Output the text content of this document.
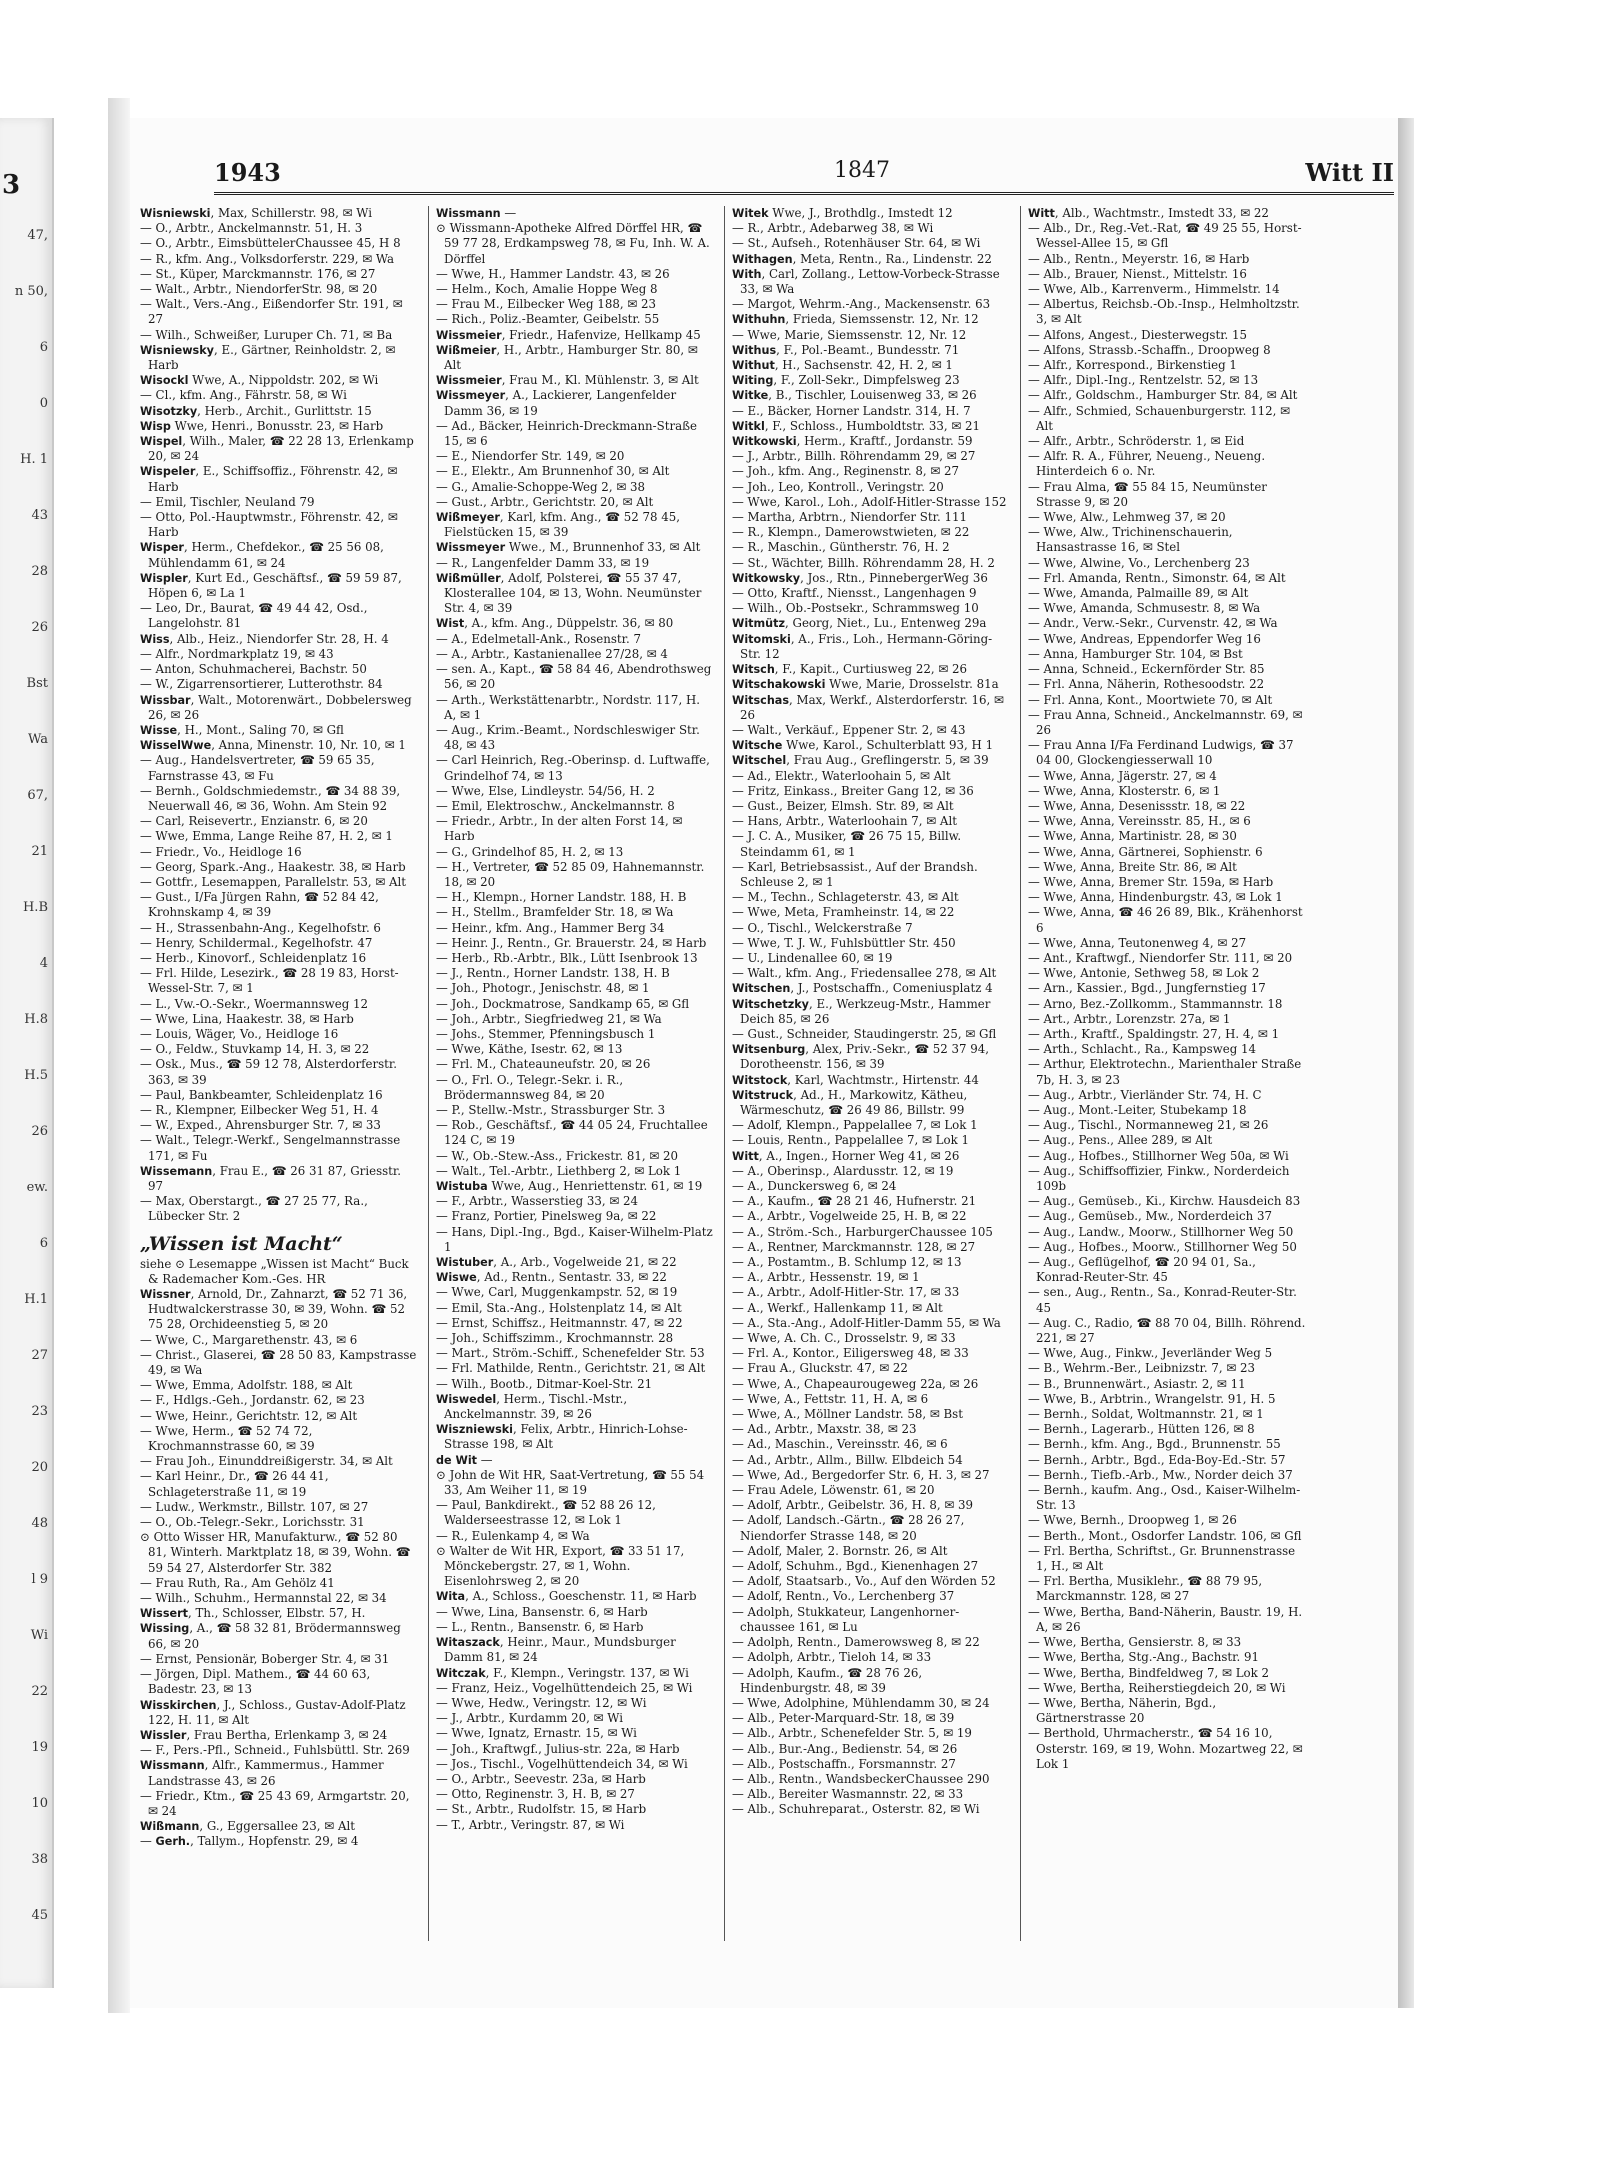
3
47,
n 50,
6
0
H. 1
43
28
26
Bst
Wa
67,
21
H.B
4
H.8
H.5
26
ew.
6
H.1
27
23
20
48
l 9
Wi
22
19
10
38
45
1943	1847	Witt II

Wisniewski, Max, Schillerstr. 98, ✉ Wi

— O., Arbtr., Anckelmannstr. 51, H. 3

— O., Arbtr., EimsbüttelerChaussee 45, H 8

— R., kfm. Ang., Volksdorferstr. 229, ✉ Wa

— St., Küper, Marckmannstr. 176, ✉ 27

— Walt., Arbtr., NiendorferStr. 98, ✉ 20

— Walt., Vers.-Ang., Eißendorfer Str. 191, ✉ 27

— Wilh., Schweißer, Luruper Ch. 71, ✉ Ba

Wisniewsky, E., Gärtner, Reinholdstr. 2, ✉ Harb

Wisockl Wwe, A., Nippoldstr. 202, ✉ Wi

— Cl., kfm. Ang., Fährstr. 58, ✉ Wi

Wisotzky, Herb., Archit., Gurlittstr. 15

Wisp Wwe, Henri., Bonusstr. 23, ✉ Harb

Wispel, Wilh., Maler, ☎ 22 28 13, Erlenkamp 20, ✉ 24

Wispeler, E., Schiffsoffiz., Föhrenstr. 42, ✉ Harb

— Emil, Tischler, Neuland 79

— Otto, Pol.-Hauptwmstr., Föhrenstr. 42, ✉ Harb

Wisper, Herm., Chefdekor., ☎ 25 56 08, Mühlendamm 61, ✉ 24

Wispler, Kurt Ed., Geschäftsf., ☎ 59 59 87, Höpen 6, ✉ La 1

— Leo, Dr., Baurat, ☎ 49 44 42, Osd., Langelohstr. 81

Wiss, Alb., Heiz., Niendorfer Str. 28, H. 4

— Alfr., Nordmarkplatz 19, ✉ 43

— Anton, Schuhmacherei, Bachstr. 50

— W., Zigarrensortierer, Lutterothstr. 84

Wissbar, Walt., Motorenwärt., Dobbelersweg 26, ✉ 26

Wisse, H., Mont., Saling 70, ✉ Gfl

WisselWwe, Anna, Minenstr. 10, Nr. 10, ✉ 1

— Aug., Handelsvertreter, ☎ 59 65 35, Farnstrasse 43, ✉ Fu

— Bernh., Goldschmiedemstr., ☎ 34 88 39, Neuerwall 46, ✉ 36, Wohn. Am Stein 92

— Carl, Reisevertr., Enzianstr. 6, ✉ 20

— Wwe, Emma, Lange Reihe 87, H. 2, ✉ 1

— Friedr., Vo., Heidloge 16

— Georg, Spark.-Ang., Haakestr. 38, ✉ Harb

— Gottfr., Lesemappen, Parallelstr. 53, ✉ Alt

— Gust., I/Fa Jürgen Rahn, ☎ 52 84 42, Krohnskamp 4, ✉ 39

— H., Strassenbahn-Ang., Kegelhofstr. 6

— Henry, Schildermal., Kegelhofstr. 47

— Herb., Kinovorf., Schleidenplatz 16

— Frl. Hilde, Lesezirk., ☎ 28 19 83, Horst-Wessel-Str. 7, ✉ 1

— L., Vw.-O.-Sekr., Woermannsweg 12

— Wwe, Lina, Haakestr. 38, ✉ Harb

— Louis, Wäger, Vo., Heidloge 16

— O., Feldw., Stuvkamp 14, H. 3, ✉ 22

— Osk., Mus., ☎ 59 12 78, Alsterdorferstr. 363, ✉ 39

— Paul, Bankbeamter, Schleidenplatz 16

— R., Klempner, Eilbecker Weg 51, H. 4

— W., Exped., Ahrensburger Str. 7, ✉ 33

— Walt., Telegr.-Werkf., Sengelmannstrasse 171, ✉ Fu

Wissemann, Frau E., ☎ 26 31 87, Griesstr. 97

— Max, Oberstargt., ☎ 27 25 77, Ra., Lübecker Str. 2

„Wissen ist Macht“

siehe ⊙ Lesemappe „Wissen ist Macht“ Buck & Rademacher Kom.-Ges. HR

Wissner, Arnold, Dr., Zahnarzt, ☎ 52 71 36, Hudtwalckerstrasse 30, ✉ 39, Wohn. ☎ 52 75 28, Orchideenstieg 5, ✉ 20

— Wwe, C., Margarethenstr. 43, ✉ 6

— Christ., Glaserei, ☎ 28 50 83, Kampstrasse 49, ✉ Wa

— Wwe, Emma, Adolfstr. 188, ✉ Alt

— F., Hdlgs.-Geh., Jordanstr. 62, ✉ 23

— Wwe, Heinr., Gerichtstr. 12, ✉ Alt

— Wwe, Herm., ☎ 52 74 72, Krochmannstrasse 60, ✉ 39

— Frau Joh., Einunddreißigerstr. 34, ✉ Alt

— Karl Heinr., Dr., ☎ 26 44 41, Schlageterstraße 11, ✉ 19

— Ludw., Werkmstr., Billstr. 107, ✉ 27

— O., Ob.-Telegr.-Sekr., Lorichsstr. 31

⊙ Otto Wisser HR, Manufakturw., ☎ 52 80 81, Winterh. Marktplatz 18, ✉ 39, Wohn. ☎ 59 54 27, Alsterdorfer Str. 382

— Frau Ruth, Ra., Am Gehölz 41

— Wilh., Schuhm., Hermannstal 22, ✉ 34

Wissert, Th., Schlosser, Elbstr. 57, H.

Wissing, A., ☎ 58 32 81, Brödermannsweg 66, ✉ 20

— Ernst, Pensionär, Boberger Str. 4, ✉ 31

— Jörgen, Dipl. Mathem., ☎ 44 60 63, Badestr. 23, ✉ 13

Wisskirchen, J., Schloss., Gustav-Adolf-Platz 122, H. 11, ✉ Alt

Wissler, Frau Bertha, Erlenkamp 3, ✉ 24

— F., Pers.-Pfl., Schneid., Fuhlsbüttl. Str. 269

Wissmann, Alfr., Kammermus., Hammer Landstrasse 43, ✉ 26

— Friedr., Ktm., ☎ 25 43 69, Armgartstr. 20, ✉ 24

Wißmann, G., Eggersallee 23, ✉ Alt

— Gerh., Tallym., Hopfenstr. 29, ✉ 4

Wissmann —

⊙ Wissmann-Apotheke Alfred Dörffel HR, ☎ 59 77 28, Erdkampsweg 78, ✉ Fu, Inh. W. A. Dörffel

— Wwe, H., Hammer Landstr. 43, ✉ 26

— Helm., Koch, Amalie Hoppe Weg 8

— Frau M., Eilbecker Weg 188, ✉ 23

— Rich., Poliz.-Beamter, Geibelstr. 55

Wissmeier, Friedr., Hafenvize, Hellkamp 45

Wißmeier, H., Arbtr., Hamburger Str. 80, ✉ Alt

Wissmeier, Frau M., Kl. Mühlenstr. 3, ✉ Alt

Wissmeyer, A., Lackierer, Langenfelder Damm 36, ✉ 19

— Ad., Bäcker, Heinrich-Dreckmann-Straße 15, ✉ 6

— E., Niendorfer Str. 149, ✉ 20

— E., Elektr., Am Brunnenhof 30, ✉ Alt

— G., Amalie-Schoppe-Weg 2, ✉ 38

— Gust., Arbtr., Gerichtstr. 20, ✉ Alt

Wißmeyer, Karl, kfm. Ang., ☎ 52 78 45, Fielstücken 15, ✉ 39

Wissmeyer Wwe., M., Brunnenhof 33, ✉ Alt

— R., Langenfelder Damm 33, ✉ 19

Wißmüller, Adolf, Polsterei, ☎ 55 37 47, Klosterallee 104, ✉ 13, Wohn. Neumünster Str. 4, ✉ 39

Wist, A., kfm. Ang., Düppelstr. 36, ✉ 80

— A., Edelmetall-Ank., Rosenstr. 7

— A., Arbtr., Kastanienallee 27/28, ✉ 4

— sen. A., Kapt., ☎ 58 84 46, Abendrothsweg 56, ✉ 20

— Arth., Werkstättenarbtr., Nordstr. 117, H. A, ✉ 1

— Aug., Krim.-Beamt., Nordschleswiger Str. 48, ✉ 43

— Carl Heinrich, Reg.-Oberinsp. d. Luftwaffe, Grindelhof 74, ✉ 13

— Wwe, Else, Lindleystr. 54/56, H. 2

— Emil, Elektroschw., Anckelmannstr. 8

— Friedr., Arbtr., In der alten Forst 14, ✉ Harb

— G., Grindelhof 85, H. 2, ✉ 13

— H., Vertreter, ☎ 52 85 09, Hahnemannstr. 18, ✉ 20

— H., Klempn., Horner Landstr. 188, H. B

— H., Stellm., Bramfelder Str. 18, ✉ Wa

— Heinr., kfm. Ang., Hammer Berg 34

— Heinr. J., Rentn., Gr. Brauerstr. 24, ✉ Harb

— Herb., Rb.-Arbtr., Blk., Lütt Isenbrook 13

— J., Rentn., Horner Landstr. 138, H. B

— Joh., Photogr., Jenischstr. 48, ✉ 1

— Joh., Dockmatrose, Sandkamp 65, ✉ Gfl

— Joh., Arbtr., Siegfriedweg 21, ✉ Wa

— Johs., Stemmer, Pfenningsbusch 1

— Wwe, Käthe, Isestr. 62, ✉ 13

— Frl. M., Chateaunеufstr. 20, ✉ 26

— O., Frl. O., Telegr.-Sekr. i. R., Brödermannsweg 84, ✉ 20

— P., Stellw.-Mstr., Strassburger Str. 3

— Rob., Geschäftsf., ☎ 44 05 24, Fruchtallee 124 C, ✉ 19

— W., Ob.-Stew.-Ass., Frickestr. 81, ✉ 20

— Walt., Tel.-Arbtr., Liethberg 2, ✉ Lok 1

Wistuba Wwe, Aug., Henriettenstr. 61, ✉ 19

— F., Arbtr., Wasserstieg 33, ✉ 24

— Franz, Portier, Pinelsweg 9a, ✉ 22

— Hans, Dipl.-Ing., Bgd., Kaiser-Wilhelm-Platz 1

Wistuber, A., Arb., Vogelweide 21, ✉ 22

Wiswe, Ad., Rentn., Sentastr. 33, ✉ 22

— Wwe, Carl, Muggenkampstr. 52, ✉ 19

— Emil, Sta.-Ang., Holstenplatz 14, ✉ Alt

— Ernst, Schiffsz., Heitmannstr. 47, ✉ 22

— Joh., Schiffszimm., Krochmannstr. 28

— Mart., Ström.-Schiff., Schenefelder Str. 53

— Frl. Mathilde, Rentn., Gerichtstr. 21, ✉ Alt

— Wilh., Bootb., Ditmar-Koel-Str. 21

Wiswedel, Herm., Tischl.-Mstr., Anckelmannstr. 39, ✉ 26

Wiszniewski, Felix, Arbtr., Hinrich-Lohse-Strasse 198, ✉ Alt

de Wit —

⊙ John de Wit HR, Saat-Vertretung, ☎ 55 54 33, Am Weiher 11, ✉ 19

— Paul, Bankdirekt., ☎ 52 88 26 12, Walderseestrasse 12, ✉ Lok 1

— R., Eulenkamp 4, ✉ Wa

⊙ Walter de Wit HR, Export, ☎ 33 51 17, Mönckebergstr. 27, ✉ 1, Wohn. Eisenlohrsweg 2, ✉ 20

Wita, A., Schloss., Goeschenstr. 11, ✉ Harb

— Wwe, Lina, Bansenstr. 6, ✉ Harb

— L., Rentn., Bansenstr. 6, ✉ Harb

Witaszack, Heinr., Maur., Mundsburger Damm 81, ✉ 24

Witczak, F., Klempn., Veringstr. 137, ✉ Wi

— Franz, Heiz., Vogelhüttendeich 25, ✉ Wi

— Wwe, Hedw., Veringstr. 12, ✉ Wi

— J., Arbtr., Kurdamm 20, ✉ Wi

— Wwe, Ignatz, Ernastr. 15, ✉ Wi

— Joh., Kraftwgf., Julius-str. 22a, ✉ Harb

— Jos., Tischl., Vogelhüttendeich 34, ✉ Wi

— O., Arbtr., Seevestr. 23a, ✉ Harb

— Otto, Reginenstr. 3, H. B, ✉ 27

— St., Arbtr., Rudolfstr. 15, ✉ Harb

— T., Arbtr., Veringstr. 87, ✉ Wi

Witek Wwe, J., Brothdlg., Imstedt 12

— R., Arbtr., Adebarweg 38, ✉ Wi

— St., Aufseh., Rotenhäuser Str. 64, ✉ Wi

Withagen, Meta, Rentn., Ra., Lindenstr. 22

With, Carl, Zollang., Lettow-Vorbeck-Strasse 33, ✉ Wa

— Margot, Wehrm.-Ang., Mackensenstr. 63

Withuhn, Frieda, Siemssenstr. 12, Nr. 12

— Wwe, Marie, Siemssenstr. 12, Nr. 12

Withus, F., Pol.-Beamt., Bundesstr. 71

Withut, H., Sachsenstr. 42, H. 2, ✉ 1

Witing, F., Zoll-Sekr., Dimpfelsweg 23

Witke, B., Tischler, Louisenweg 33, ✉ 26

— E., Bäcker, Horner Landstr. 314, H. 7

Witkl, F., Schloss., Humboldtstr. 33, ✉ 21

Witkowski, Herm., Kraftf., Jordanstr. 59

— J., Arbtr., Billh. Röhrendamm 29, ✉ 27

— Joh., kfm. Ang., Reginenstr. 8, ✉ 27

— Joh., Leo, Kontroll., Veringstr. 20

— Wwe, Karol., Loh., Adolf-Hitler-Strasse 152

— Martha, Arbtrn., Niendorfer Str. 111

— R., Klempn., Damerowstwieten, ✉ 22

— R., Maschin., Güntherstr. 76, H. 2

— St., Wächter, Billh. Röhrendamm 28, H. 2

Witkowsky, Jos., Rtn., PinnebergerWeg 36

— Otto, Kraftf., Niensst., Langenhagen 9

— Wilh., Ob.-Postsekr., Schrammsweg 10

Witmütz, Georg, Niet., Lu., Entenweg 29a

Witomski, A., Fris., Loh., Hermann-Göring-Str. 12

Witsch, F., Kapit., Curtiusweg 22, ✉ 26

Witschakowski Wwe, Marie, Drosselstr. 81a

Witschas, Max, Werkf., Alsterdorferstr. 16, ✉ 26

— Walt., Verkäuf., Eppener Str. 2, ✉ 43

Witsche Wwe, Karol., Schulterblatt 93, H 1

Witschel, Frau Aug., Greflingerstr. 5, ✉ 39

— Ad., Elektr., Waterloohain 5, ✉ Alt

— Fritz, Einkass., Breiter Gang 12, ✉ 36

— Gust., Beizer, Elmsh. Str. 89, ✉ Alt

— Hans, Arbtr., Waterloohain 7, ✉ Alt

— J. C. A., Musiker, ☎ 26 75 15, Billw. Steindamm 61, ✉ 1

— Karl, Betriebsassist., Auf der Brandsh. Schleuse 2, ✉ 1

— M., Techn., Schlageterstr. 43, ✉ Alt

— Wwe, Meta, Framheinstr. 14, ✉ 22

— O., Tischl., Welckerstraße 7

— Wwe, T. J. W., Fuhlsbüttler Str. 450

— U., Lindenallee 60, ✉ 19

— Walt., kfm. Ang., Friedensallee 278, ✉ Alt

Witschen, J., Postschaffn., Comeniusplatz 4

Witschetzky, E., Werkzeug-Mstr., Hammer Deich 85, ✉ 26

— Gust., Schneider, Staudingerstr. 25, ✉ Gfl

Witsenburg, Alex, Priv.-Sekr., ☎ 52 37 94, Dorotheenstr. 156, ✉ 39

Witstock, Karl, Wachtmstr., Hirtenstr. 44

Witstruck, Ad., H., Markowitz, Kätheu, Wärmeschutz, ☎ 26 49 86, Billstr. 99

— Adolf, Klempn., Pappelallee 7, ✉ Lok 1

— Louis, Rentn., Pappelallee 7, ✉ Lok 1

Witt, A., Ingen., Horner Weg 41, ✉ 26

— A., Oberinsp., Alardusstr. 12, ✉ 19

— A., Dunckersweg 6, ✉ 24

— A., Kaufm., ☎ 28 21 46, Hufnerstr. 21

— A., Arbtr., Vogelweide 25, H. B, ✉ 22

— A., Ström.-Sch., HarburgerChaussee 105

— A., Rentner, Marckmannstr. 128, ✉ 27

— A., Postamtm., B. Schlump 12, ✉ 13

— A., Arbtr., Hessenstr. 19, ✉ 1

— A., Arbtr., Adolf-Hitler-Str. 17, ✉ 33

— A., Werkf., Hallenkamp 11, ✉ Alt

— A., Sta.-Ang., Adolf-Hitler-Damm 55, ✉ Wa

— Wwe, A. Ch. C., Drosselstr. 9, ✉ 33

— Frl. A., Kontor., Eiligersweg 48, ✉ 33

— Frau A., Gluckstr. 47, ✉ 22

— Wwe, A., Chapeaurougeweg 22a, ✉ 26

— Wwe, A., Fettstr. 11, H. A, ✉ 6

— Wwe, A., Möllner Landstr. 58, ✉ Bst

— Ad., Arbtr., Maxstr. 38, ✉ 23

— Ad., Maschin., Vereinsstr. 46, ✉ 6

— Ad., Arbtr., Allm., Billw. Elbdeich 54

— Wwe, Ad., Bergedorfer Str. 6, H. 3, ✉ 27

— Frau Adele, Löwenstr. 61, ✉ 20

— Adolf, Arbtr., Geibelstr. 36, H. 8, ✉ 39

— Adolf, Landsch.-Gärtn., ☎ 28 26 27, Niendorfer Strasse 148, ✉ 20

— Adolf, Maler, 2. Bornstr. 26, ✉ Alt

— Adolf, Schuhm., Bgd., Kienenhagen 27

— Adolf, Staatsarb., Vo., Auf den Wörden 52

— Adolf, Rentn., Vo., Lerchenberg 37

— Adolph, Stukkateur, Langenhorner-chaussee 161, ✉ Lu

— Adolph, Rentn., Damerowsweg 8, ✉ 22

— Adolph, Arbtr., Tieloh 14, ✉ 33

— Adolph, Kaufm., ☎ 28 76 26, Hindenburgstr. 48, ✉ 39

— Wwe, Adolphine, Mühlendamm 30, ✉ 24

— Alb., Peter-Marquard-Str. 18, ✉ 39

— Alb., Arbtr., Schenefelder Str. 5, ✉ 19

— Alb., Bur.-Ang., Bedienstr. 54, ✉ 26

— Alb., Postschaffn., Forsmannstr. 27

— Alb., Rentn., WandsbeckerChaussee 290

— Alb., Bereiter Wasmannstr. 22, ✉ 33

— Alb., Schuhreparat., Osterstr. 82, ✉ Wi

Witt, Alb., Wachtmstr., Imstedt 33, ✉ 22

— Alb., Dr., Reg.-Vet.-Rat, ☎ 49 25 55, Horst-Wessel-Allee 15, ✉ Gfl

— Alb., Rentn., Meyerstr. 16, ✉ Harb

— Alb., Brauer, Nienst., Mittelstr. 16

— Wwe, Alb., Karrenverm., Himmelstr. 14

— Albertus, Reichsb.-Ob.-Insp., Helmholtzstr. 3, ✉ Alt

— Alfons, Angest., Diesterwegstr. 15

— Alfons, Strassb.-Schaffn., Droopweg 8

— Alfr., Korrespond., Birkenstieg 1

— Alfr., Dipl.-Ing., Rentzelstr. 52, ✉ 13

— Alfr., Goldschm., Hamburger Str. 84, ✉ Alt

— Alfr., Schmied, Schauenburgerstr. 112, ✉ Alt

— Alfr., Arbtr., Schröderstr. 1, ✉ Eid

— Alfr. R. A., Führer, Neueng., Neueng. Hinterdeich 6 o. Nr.

— Frau Alma, ☎ 55 84 15, Neumünster Strasse 9, ✉ 20

— Wwe, Alw., Lehmweg 37, ✉ 20

— Wwe, Alw., Trichinenschauerin, Hansastrasse 16, ✉ Stel

— Wwe, Alwine, Vo., Lerchenberg 23

— Frl. Amanda, Rentn., Simonstr. 64, ✉ Alt

— Wwe, Amanda, Palmaille 89, ✉ Alt

— Wwe, Amanda, Schmusestr. 8, ✉ Wa

— Andr., Verw.-Sekr., Curvenstr. 42, ✉ Wa

— Wwe, Andreas, Eppendorfer Weg 16

— Anna, Hamburger Str. 104, ✉ Bst

— Anna, Schneid., Eckernförder Str. 85

— Frl. Anna, Näherin, Rothesoodstr. 22

— Frl. Anna, Kont., Moortwiete 70, ✉ Alt

— Frau Anna, Schneid., Anckelmannstr. 69, ✉ 26

— Frau Anna I/Fa Ferdinand Ludwigs, ☎ 37 04 00, Glockengiesserwall 10

— Wwe, Anna, Jägerstr. 27, ✉ 4

— Wwe, Anna, Klosterstr. 6, ✉ 1

— Wwe, Anna, Desenissstr. 18, ✉ 22

— Wwe, Anna, Vereinsstr. 85, H., ✉ 6

— Wwe, Anna, Martinistr. 28, ✉ 30

— Wwe, Anna, Gärtnerei, Sophienstr. 6

— Wwe, Anna, Breite Str. 86, ✉ Alt

— Wwe, Anna, Bremer Str. 159a, ✉ Harb

— Wwe, Anna, Hindenburgstr. 43, ✉ Lok 1

— Wwe, Anna, ☎ 46 26 89, Blk., Krähenhorst 6

— Wwe, Anna, Teutonenweg 4, ✉ 27

— Ant., Kraftwgf., Niendorfer Str. 111, ✉ 20

— Wwe, Antonie, Sethweg 58, ✉ Lok 2

— Arn., Kassier., Bgd., Jungfernstieg 17

— Arno, Bez.-Zollkomm., Stammannstr. 18

— Art., Arbtr., Lorenzstr. 27a, ✉ 1

— Arth., Kraftf., Spaldingstr. 27, H. 4, ✉ 1

— Arth., Schlacht., Ra., Kampsweg 14

— Arthur, Elektrotechn., Marienthaler Straße 7b, H. 3, ✉ 23

— Aug., Arbtr., Vierländer Str. 74, H. C

— Aug., Mont.-Leiter, Stubekamp 18

— Aug., Tischl., Normanneweg 21, ✉ 26

— Aug., Pens., Allee 289, ✉ Alt

— Aug., Hofbes., Stillhorner Weg 50a, ✉ Wi

— Aug., Schiffsoffizier, Finkw., Norderdeich 109b

— Aug., Gemüseb., Ki., Kirchw. Hausdeich 83

— Aug., Gemüseb., Mw., Norderdeich 37

— Aug., Landw., Moorw., Stillhorner Weg 50

— Aug., Hofbes., Moorw., Stillhorner Weg 50

— Aug., Geflügelhof, ☎ 20 94 01, Sa., Konrad-Reuter-Str. 45

— sen., Aug., Rentn., Sa., Konrad-Reuter-Str. 45

— Aug. C., Radio, ☎ 88 70 04, Billh. Röhrend. 221, ✉ 27

— Wwe, Aug., Finkw., Jeverländer Weg 5

— B., Wehrm.-Ber., Leibnizstr. 7, ✉ 23

— B., Brunnenwärt., Asiastr. 2, ✉ 11

— Wwe, B., Arbtrin., Wrangelstr. 91, H. 5

— Bernh., Soldat, Woltmannstr. 21, ✉ 1

— Bernh., Lagerarb., Hütten 126, ✉ 8

— Bernh., kfm. Ang., Bgd., Brunnenstr. 55

— Bernh., Arbtr., Bgd., Eda-Boy-Ed.-Str. 57

— Bernh., Tiefb.-Arb., Mw., Norder deich 37

— Bernh., kaufm. Ang., Osd., Kaiser-Wilhelm-Str. 13

— Wwe, Bernh., Droopweg 1, ✉ 26

— Berth., Mont., Osdorfer Landstr. 106, ✉ Gfl

— Frl. Bertha, Schriftst., Gr. Brunnenstrasse 1, H., ✉ Alt

— Frl. Bertha, Musiklehr., ☎ 88 79 95, Marckmannstr. 128, ✉ 27

— Wwe, Bertha, Band-Näherin, Baustr. 19, H. A, ✉ 26

— Wwe, Bertha, Gensierstr. 8, ✉ 33

— Wwe, Bertha, Stg.-Ang., Bachstr. 91

— Wwe, Bertha, Bindfeldweg 7, ✉ Lok 2

— Wwe, Bertha, Reiherstiegdeich 20, ✉ Wi

— Wwe, Bertha, Näherin, Bgd., Gärtnerstrasse 20

— Berthold, Uhrmacherstr., ☎ 54 16 10, Osterstr. 169, ✉ 19, Wohn. Mozartweg 22, ✉ Lok 1
